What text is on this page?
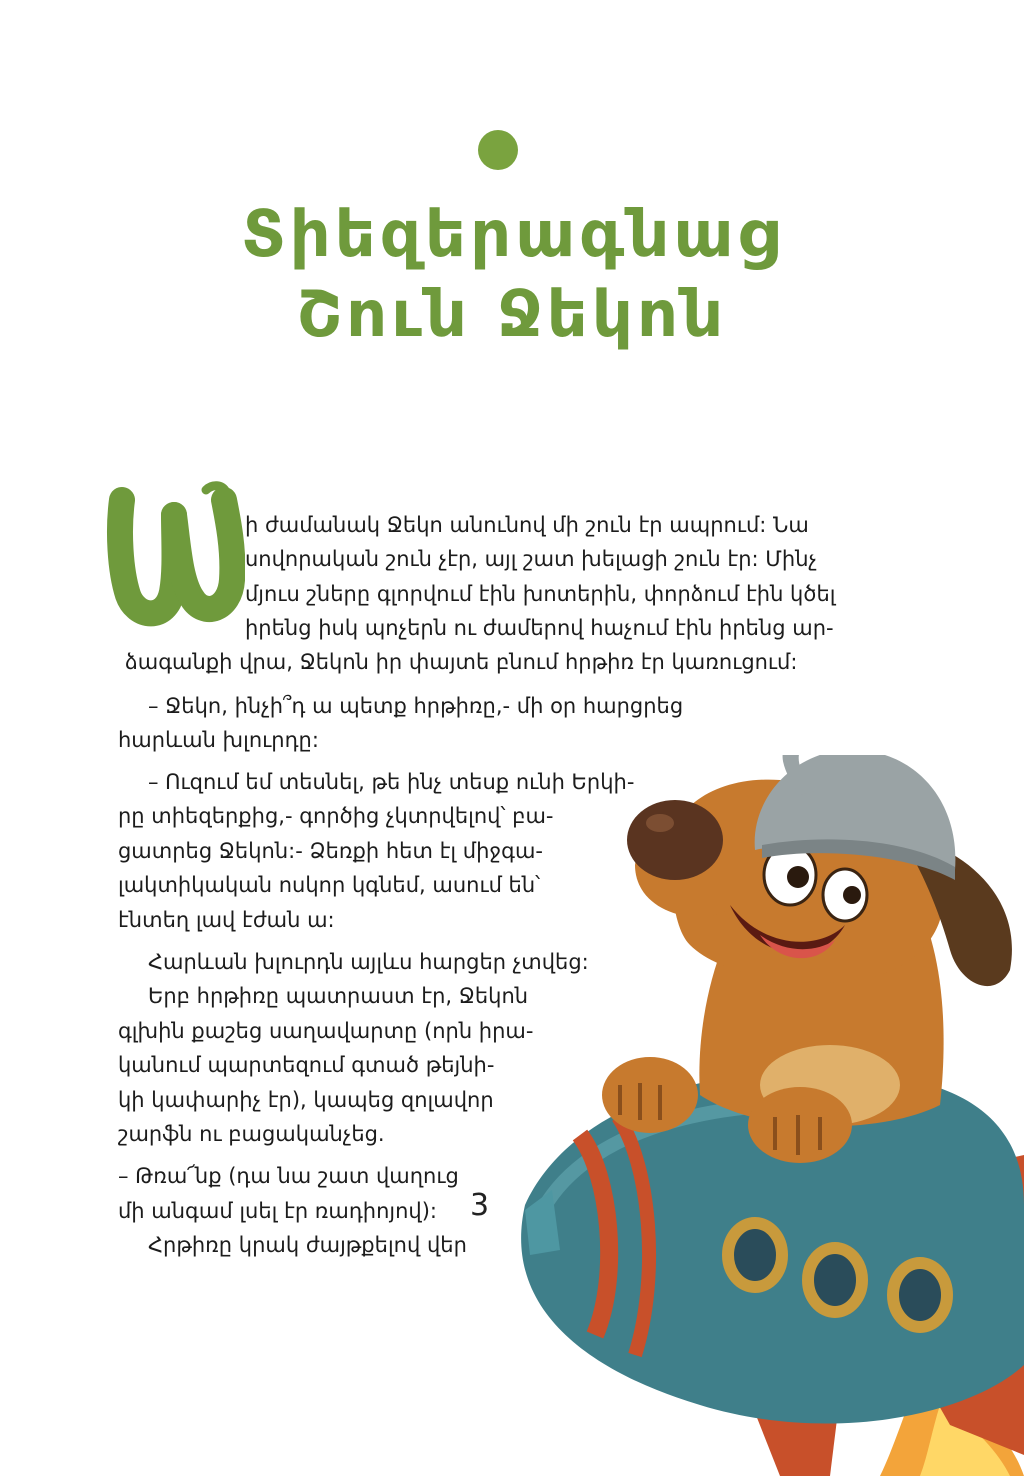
Տիեզերագնաց
Շուն Ջեկոն
ի ժամանակ Ջեկո անունով մի շուն էր ապրում: Նա
սովորական շուն չէր, այլ շատ խելացի շուն էր: Մինչ
մյուս շները գլորվում էին խոտերին, փորձում էին կծել
իրենց իսկ պոչերն ու ժամերով հաչում էին իրենց ար-
ձագանքի վրա, Ջեկոն իր փայտե բնում հրթիռ էր կառուցում:
– Ջեկո, ինչի՞դ ա պետք հրթիռը,- մի օր հարցրեց
հարևան խլուրդը:
– Ուզում եմ տեսնել, թե ինչ տեսք ունի Երկի-
րը տիեզերքից,- գործից չկտրվելով՝ բա-
ցատրեց Ջեկոն:- Ձեռքի հետ էլ միջգա-
լակտիկական ոսկոր կգնեմ, ասում են՝
էնտեղ լավ էժան ա:
Հարևան խլուրդն այլևս հարցեր չտվեց:
Երբ հրթիռը պատրաստ էր, Ջեկոն
գլխին քաշեց սաղավարտը (որն իրա-
կանում պարտեզում գտած թեյնի-
կի կափարիչ էր), կապեց զոլավոր
շարֆն ու բացականչեց.
– Թռա՜նք (դա նա շատ վաղուց
մի անգամ լսել էր ռադիոյով):
Հրթիռը կրակ ժայթքելով վեր
3
